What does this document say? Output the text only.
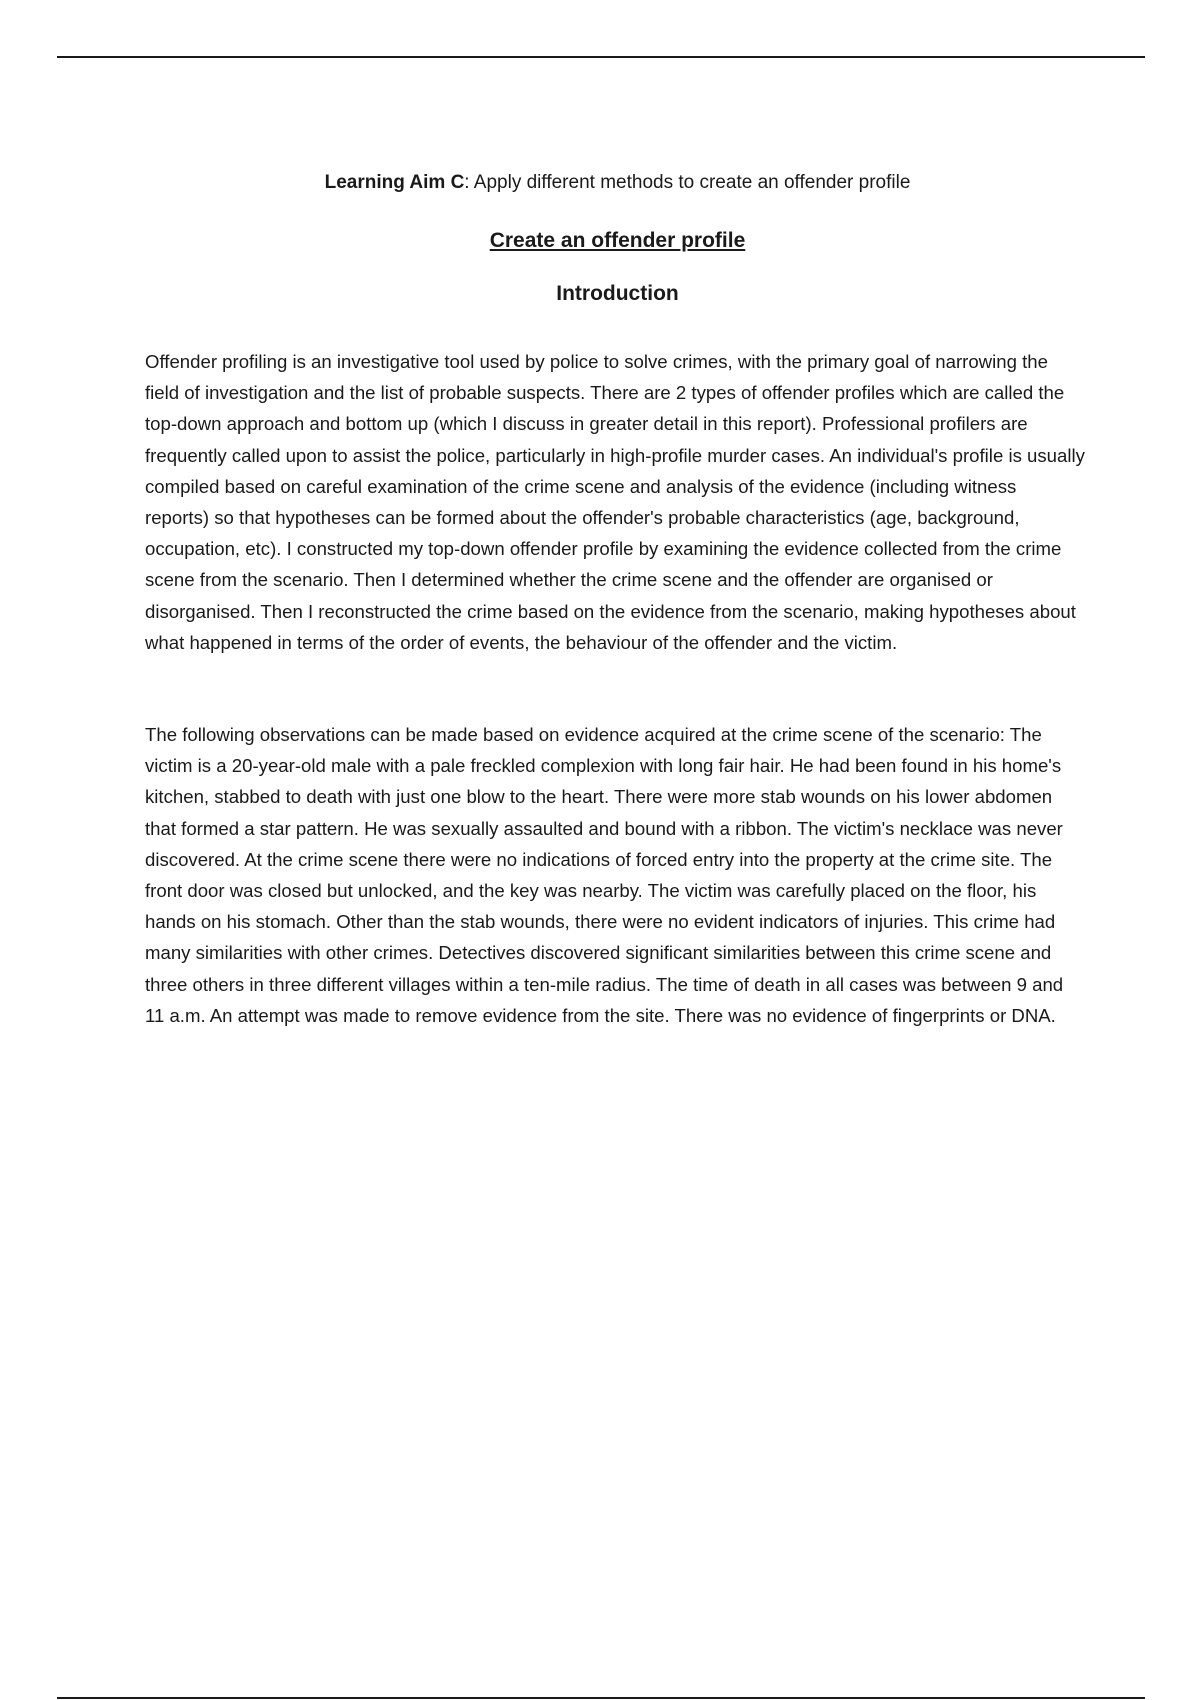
Learning Aim C: Apply different methods to create an offender profile
Create an offender profile
Introduction

Offender profiling is an investigative tool used by police to solve crimes, with the primary goal of narrowing the field of investigation and the list of probable suspects. There are 2 types of offender profiles which are called the top-down approach and bottom up (which I discuss in greater detail in this report). Professional profilers are frequently called upon to assist the police, particularly in high-profile murder cases. An individual's profile is usually compiled based on careful examination of the crime scene and analysis of the evidence (including witness reports) so that hypotheses can be formed about the offender's probable characteristics (age, background, occupation, etc). I constructed my top-down offender profile by examining the evidence collected from the crime scene from the scenario. Then I determined whether the crime scene and the offender are organised or disorganised. Then I reconstructed the crime based on the evidence from the scenario, making hypotheses about what happened in terms of the order of events, the behaviour of the offender and the victim.

The following observations can be made based on evidence acquired at the crime scene of the scenario: The victim is a 20-year-old male with a pale freckled complexion with long fair hair. He had been found in his home's kitchen, stabbed to death with just one blow to the heart. There were more stab wounds on his lower abdomen that formed a star pattern. He was sexually assaulted and bound with a ribbon. The victim's necklace was never discovered. At the crime scene there were no indications of forced entry into the property at the crime site. The front door was closed but unlocked, and the key was nearby. The victim was carefully placed on the floor, his hands on his stomach. Other than the stab wounds, there were no evident indicators of injuries. This crime had many similarities with other crimes. Detectives discovered significant similarities between this crime scene and three others in three different villages within a ten-mile radius. The time of death in all cases was between 9 and 11 a.m. An attempt was made to remove evidence from the site. There was no evidence of fingerprints or DNA.
